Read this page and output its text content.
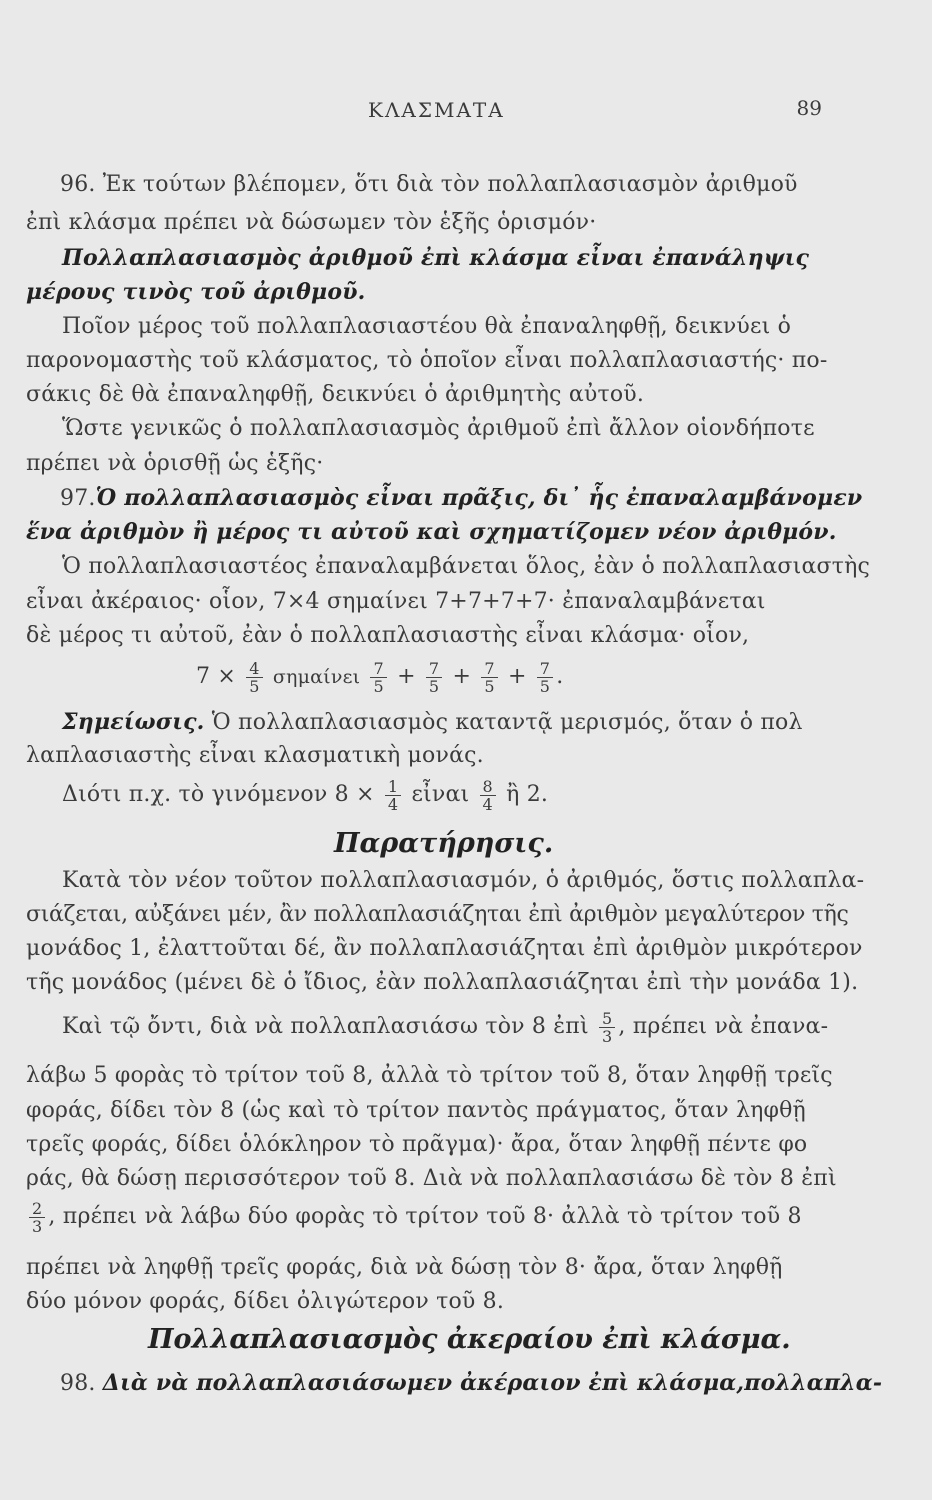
ΚΛΑΣΜΑΤΑ	89
96. Ἐκ τούτων βλέπομεν, ὅτι διὰ τὸν πολλαπλασιασμὸν ἀριθμοῦ
ἐπὶ κλάσμα πρέπει νὰ δώσωμεν τὸν ἑξῆς ὁρισμόν·
Πολλαπλασιασμὸς ἀριθμοῦ ἐπὶ κλάσμα εἶναι ἐπανάληψις
μέρους τινὸς τοῦ ἀριθμοῦ.
Ποῖον μέρος τοῦ πολλαπλασιαστέου θὰ ἐπαναληφθῇ, δεικνύει ὁ
παρονομαστὴς τοῦ κλάσματος, τὸ ὁποῖον εἶναι πολλαπλασιαστής· πο-
σάκις δὲ θὰ ἐπαναληφθῇ, δεικνύει ὁ ἀριθμητὴς αὐτοῦ.
Ὥστε γενικῶς ὁ πολλαπλασιασμὸς ἀριθμοῦ ἐπὶ ἄλλον οἱονδήποτε
πρέπει νὰ ὁρισθῇ ὡς ἑξῆς·
97.Ὁ πολλαπλασιασμὸς εἶναι πρᾶξις, δι᾽ ἧς ἐπαναλαμβάνομεν
ἕνα ἀριθμὸν ἢ μέρος τι αὐτοῦ καὶ σχηματίζομεν νέον ἀριθμόν.
Ὁ πολλαπλασιαστέος ἐπαναλαμβάνεται ὅλος, ἐὰν ὁ πολλαπλασιαστὴς
εἶναι ἀκέραιος· οἷον, 7×4 σημαίνει 7+7+7+7· ἐπαναλαμβάνεται
δὲ μέρος τι αὐτοῦ, ἐὰν ὁ πολλαπλασιαστὴς εἶναι κλάσμα· οἷον,
$7 \times \frac{4}{5}$ σημαίνει $\frac{7}{5} + \frac{7}{5} + \frac{7}{5} + \frac{7}{5}$ .
Σημείωσις. Ὁ πολλαπλασιασμὸς καταντᾷ μερισμός, ὅταν ὁ πολ
λαπλασιαστὴς εἶναι κλασματικὴ μονάς.
Διότι π.χ. τὸ γινόμενον $8 \times \frac{1}{4}$ εἶναι $\frac{8}{4}$ ἢ 2.
Παρατήρησις.
Κατὰ τὸν νέον τοῦτον πολλαπλασιασμόν, ὁ ἀριθμός, ὅστις πολλαπλα-
σιάζεται, αὐξάνει μέν, ἂν πολλαπλασιάζηται ἐπὶ ἀριθμὸν μεγαλύτερον τῆς
μονάδος 1, ἐλαττοῦται δέ, ἂν πολλαπλασιάζηται ἐπὶ ἀριθμὸν μικρότερον
τῆς μονάδος (μένει δὲ ὁ ἴδιος, ἐὰν πολλαπλασιάζηται ἐπὶ τὴν μονάδα 1).
Καὶ τῷ ὄντι, διὰ νὰ πολλαπλασιάσω τὸν 8 ἐπὶ $\frac{5}{3}$ , πρέπει νὰ ἐπανα-
λάβω 5 φορὰς τὸ τρίτον τοῦ 8, ἀλλὰ τὸ τρίτον τοῦ 8, ὅταν ληφθῇ τρεῖς
φοράς, δίδει τὸν 8 (ὡς καὶ τὸ τρίτον παντὸς πράγματος, ὅταν ληφθῇ
τρεῖς φοράς, δίδει ὁλόκληρον τὸ πρᾶγμα)· ἄρα, ὅταν ληφθῇ πέντε φο
ράς, θὰ δώσῃ περισσότερον τοῦ 8. Διὰ νὰ πολλαπλασιάσω δὲ τὸν 8 ἐπὶ
$\frac{2}{3}$ , πρέπει νὰ λάβω δύο φορὰς τὸ τρίτον τοῦ 8· ἀλλὰ τὸ τρίτον τοῦ 8
πρέπει νὰ ληφθῇ τρεῖς φοράς, διὰ νὰ δώσῃ τὸν 8· ἄρα, ὅταν ληφθῇ
δύο μόνον φοράς, δίδει ὀλιγώτερον τοῦ 8.
Πολλαπλασιασμὸς ἀκεραίου ἐπὶ κλάσμα.
98. Διὰ νὰ πολλαπλασιάσωμεν ἀκέραιον ἐπὶ κλάσμα,πολλαπλα-
